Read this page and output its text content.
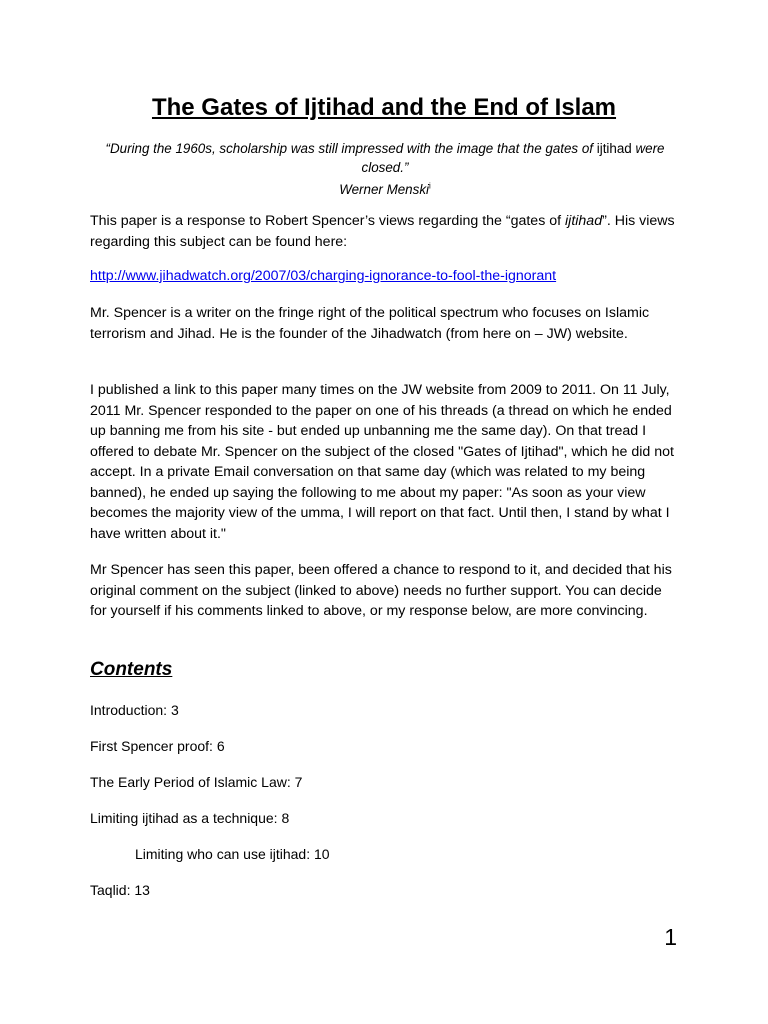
The Gates of Ijtihad and the End of Islam

“During the 1960s, scholarship was still impressed with the image that the gates of ijtihad were closed.”
Werner Menski$^i$

This paper is a response to Robert Spencer’s views regarding the “gates of ijtihad”. His views regarding this subject can be found here:

http://www.jihadwatch.org/2007/03/charging-ignorance-to-fool-the-ignorant

Mr. Spencer is a writer on the fringe right of the political spectrum who focuses on Islamic terrorism and Jihad. He is the founder of the Jihadwatch (from here on – JW) website.

I published a link to this paper many times on the JW website from 2009 to 2011. On 11 July, 2011 Mr. Spencer responded to the paper on one of his threads (a thread on which he ended up banning me from his site - but ended up unbanning me the same day). On that tread I offered to debate Mr. Spencer on the subject of the closed "Gates of Ijtihad", which he did not accept. In a private Email conversation on that same day (which was related to my being banned), he ended up saying the following to me about my paper: "As soon as your view becomes the majority view of the umma, I will report on that fact. Until then, I stand by what I have written about it."

Mr Spencer has seen this paper, been offered a chance to respond to it, and decided that his original comment on the subject (linked to above) needs no further support. You can decide for yourself if his comments linked to above, or my response below, are more convincing.

Contents

Introduction: 3

First Spencer proof: 6

The Early Period of Islamic Law: 7

Limiting ijtihad as a technique: 8

Limiting who can use ijtihad: 10

Taqlid: 13

1
